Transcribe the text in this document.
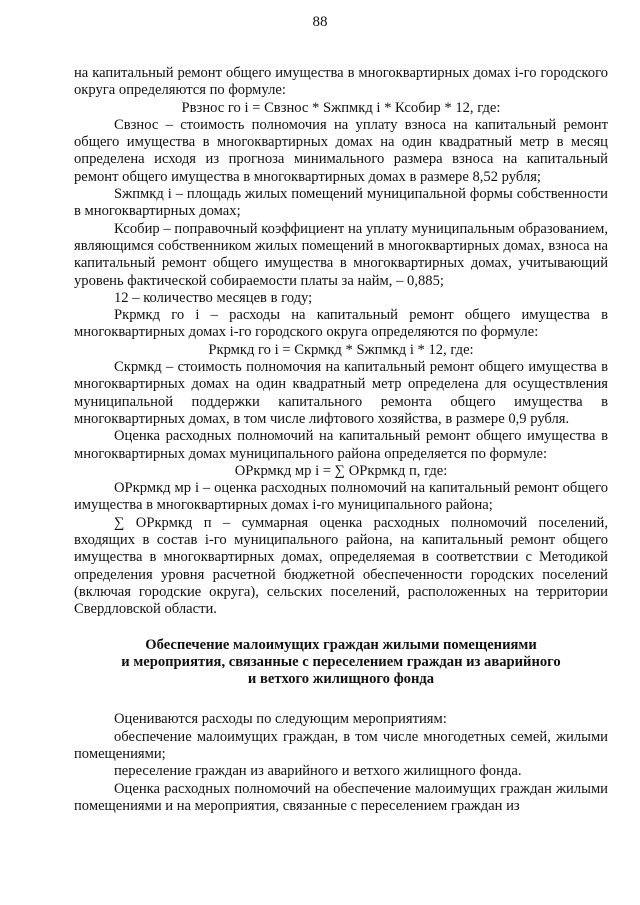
88

на капитальный ремонт общего имущества в многоквартирных домах i-го городского округа определяются по формуле:

Рвзнос го i = Свзнос * Sжпмкд i * Ксобир * 12, где:

Свзнос – стоимость полномочия на уплату взноса на капитальный ремонт общего имущества в многоквартирных домах на один квадратный метр в месяц определена исходя из прогноза минимального размера взноса на капитальный ремонт общего имущества в многоквартирных домах в размере 8,52 рубля;

Sжпмкд i – площадь жилых помещений муниципальной формы собственности в многоквартирных домах;

Ксобир – поправочный коэффициент на уплату муниципальным образованием, являющимся собственником жилых помещений в многоквартирных домах, взноса на капитальный ремонт общего имущества в многоквартирных домах, учитывающий уровень фактической собираемости платы за найм, – 0,885;

12 – количество месяцев в году;

Ркрмкд го i – расходы на капитальный ремонт общего имущества в многоквартирных домах i-го городского округа определяются по формуле:

Ркрмкд го i = Скрмкд * Sжпмкд i * 12, где:

Скрмкд – стоимость полномочия на капитальный ремонт общего имущества в многоквартирных домах на один квадратный метр определена для осуществления муниципальной поддержки капитального ремонта общего имущества в многоквартирных домах, в том числе лифтового хозяйства, в размере 0,9 рубля.

Оценка расходных полномочий на капитальный ремонт общего имущества в многоквартирных домах муниципального района определяется по формуле:

ОРкрмкд мр i = ∑ ОРкрмкд п, где:

ОРкрмкд мр i – оценка расходных полномочий на капитальный ремонт общего имущества в многоквартирных домах i-го муниципального района;

∑ ОРкрмкд п – суммарная оценка расходных полномочий поселений, входящих в состав i-го муниципального района, на капитальный ремонт общего имущества в многоквартирных домах, определяемая в соответствии с Методикой определения уровня расчетной бюджетной обеспеченности городских поселений (включая городские округа), сельских поселений, расположенных на территории Свердловской области.

Обеспечение малоимущих граждан жилыми помещениями

и мероприятия, связанные с переселением граждан из аварийного

и ветхого жилищного фонда

Оцениваются расходы по следующим мероприятиям:

обеспечение малоимущих граждан, в том числе многодетных семей, жилыми помещениями;

переселение граждан из аварийного и ветхого жилищного фонда.

Оценка расходных полномочий на обеспечение малоимущих граждан жилыми помещениями и на мероприятия, связанные с переселением граждан из
